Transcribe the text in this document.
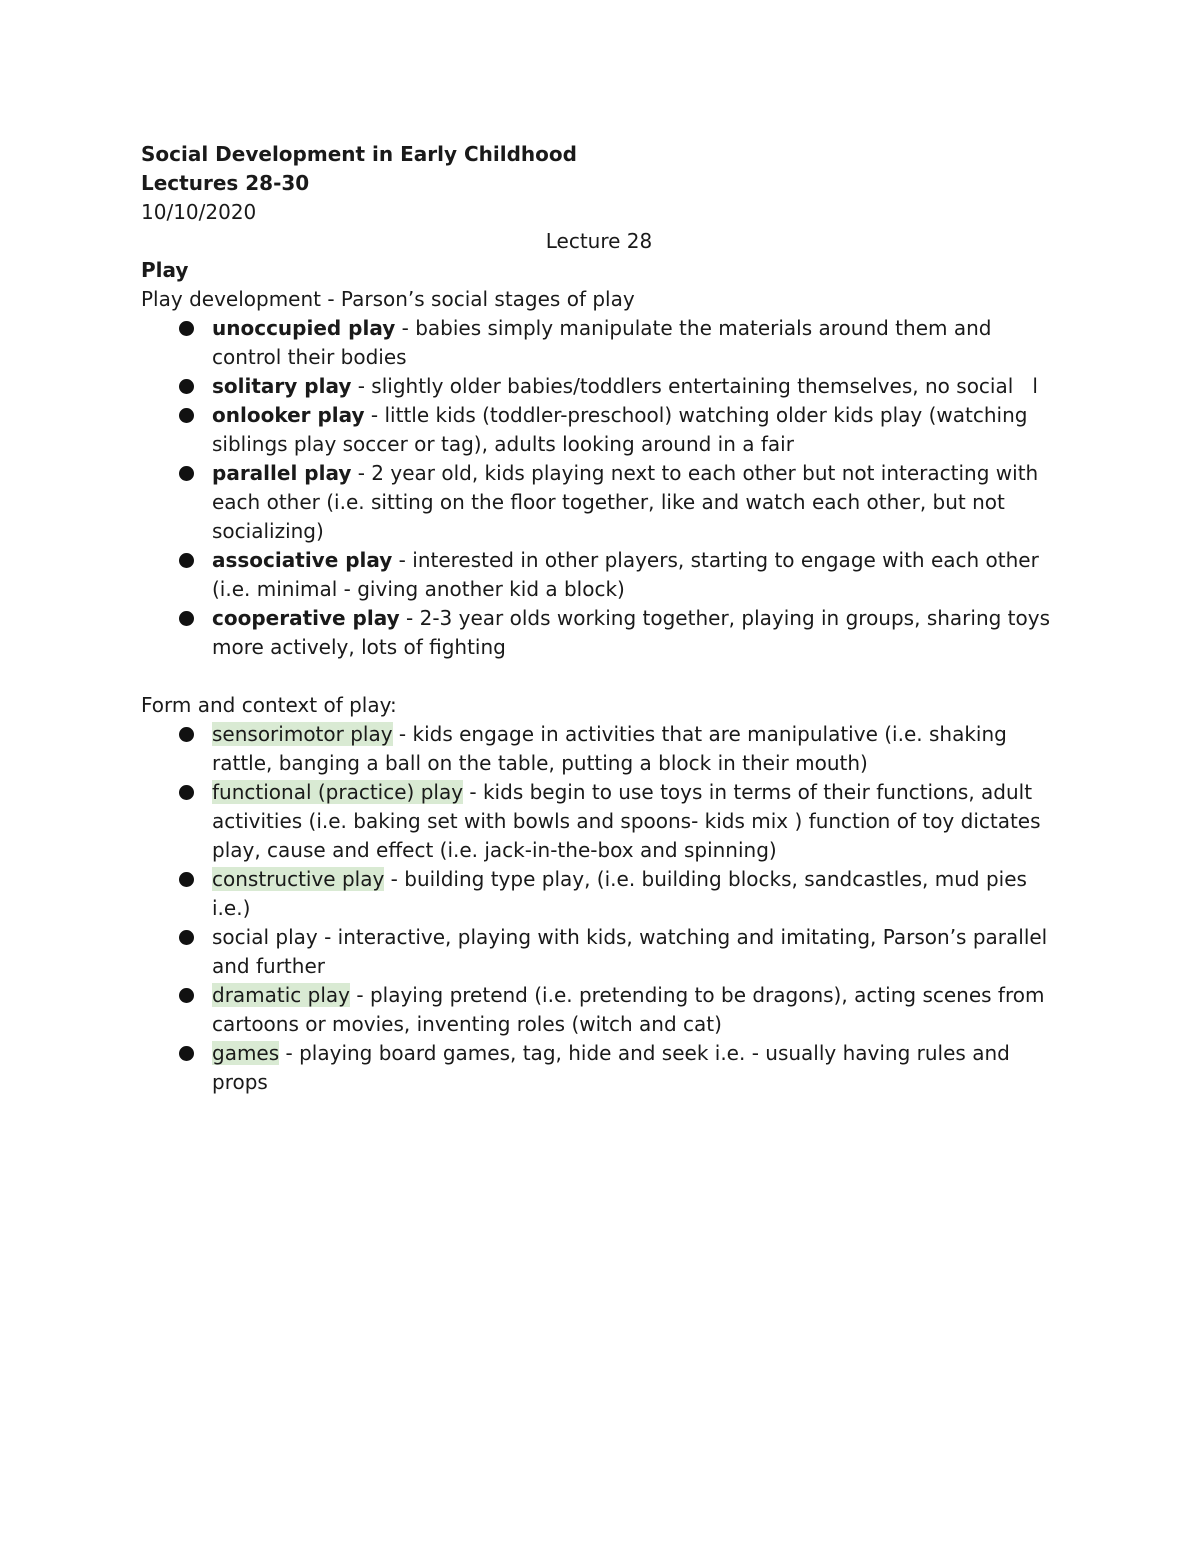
Social Development in Early Childhood

Lectures 28-30

10/10/2020

Lecture 28

Play

Play development - Parson’s social stages of play

unoccupied play - babies simply manipulate the materials around them and control their bodies
solitary play - slightly older babies/toddlers entertaining themselves, no social   l
onlooker play - little kids (toddler-preschool) watching older kids play (watching siblings play soccer or tag), adults looking around in a fair
parallel play - 2 year old, kids playing next to each other but not interacting with each other (i.e. sitting on the floor together, like and watch each other, but not socializing)
associative play - interested in other players, starting to engage with each other (i.e. minimal - giving another kid a block)
cooperative play - 2-3 year olds working together, playing in groups, sharing toys more actively, lots of fighting

Form and context of play:

sensorimotor play - kids engage in activities that are manipulative (i.e. shaking rattle, banging a ball on the table, putting a block in their mouth)
functional (practice) play - kids begin to use toys in terms of their functions, adult activities (i.e. baking set with bowls and spoons- kids mix ) function of toy dictates play, cause and effect (i.e. jack-in-the-box and spinning)
constructive play - building type play, (i.e. building blocks, sandcastles, mud pies i.e.)
social play - interactive, playing with kids, watching and imitating, Parson’s parallel and further
dramatic play - playing pretend (i.e. pretending to be dragons), acting scenes from cartoons or movies, inventing roles (witch and cat)
games - playing board games, tag, hide and seek i.e. - usually having rules and props
